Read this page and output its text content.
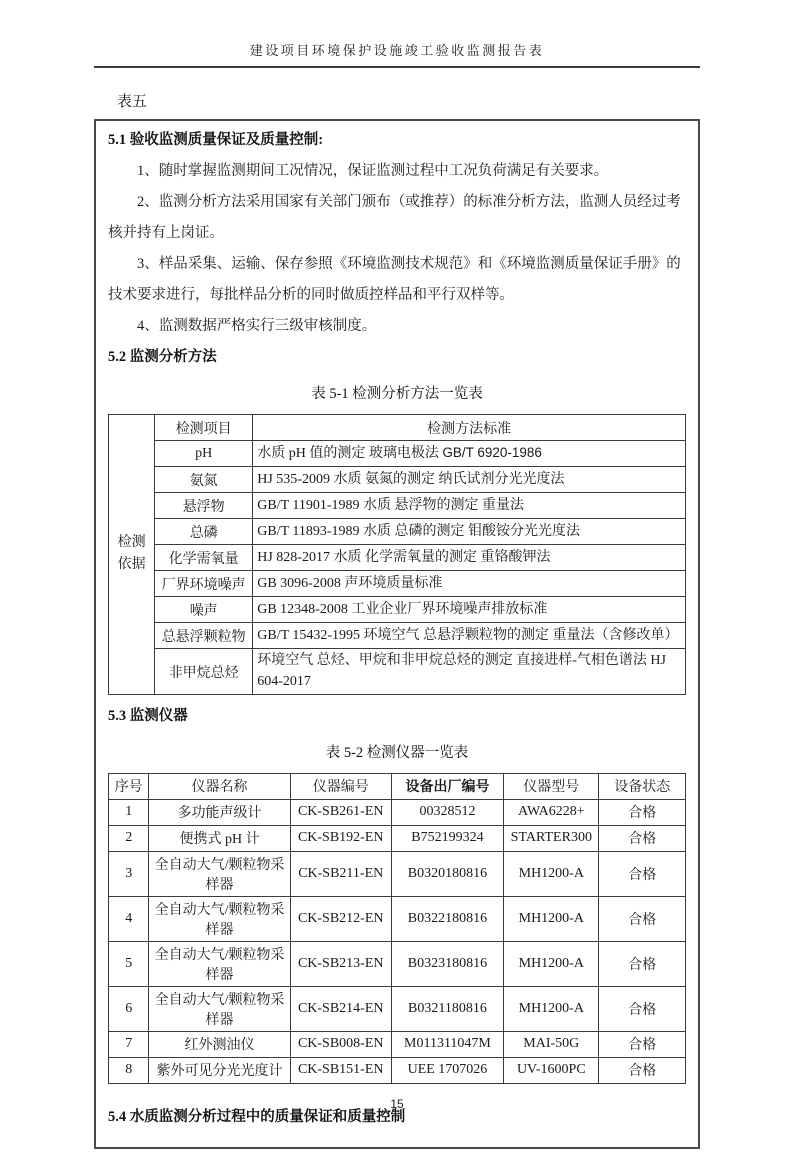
建设项目环境保护设施竣工验收监测报告表
表五

5.1 验收监测质量保证及质量控制:

1、随时掌握监测期间工况情况，保证监测过程中工况负荷满足有关要求。

2、监测分析方法采用国家有关部门颁布（或推荐）的标准分析方法，监测人员经过考核并持有上岗证。

3、样品采集、运输、保存参照《环境监测技术规范》和《环境监测质量保证手册》的技术要求进行，每批样品分析的同时做质控样品和平行双样等。

4、监测数据严格实行三级审核制度。

5.2 监测分析方法

表 5-1 检测分析方法一览表
检测依据	检测项目	检测方法标准
	pH	水质 pH 值的测定 玻璃电极法 GB/T 6920-1986
	氨氮	HJ 535-2009 水质 氨氮的测定 纳氏试剂分光光度法
	悬浮物	GB/T 11901-1989 水质 悬浮物的测定 重量法
	总磷	GB/T 11893-1989 水质 总磷的测定 钼酸铵分光光度法
	化学需氧量	HJ 828-2017 水质 化学需氧量的测定 重铬酸钾法
	厂界环境噪声	GB 3096-2008 声环境质量标准
	噪声	GB 12348-2008 工业企业厂界环境噪声排放标准
	总悬浮颗粒物	GB/T 15432-1995 环境空气 总悬浮颗粒物的测定 重量法（含修改单）
	非甲烷总烃	环境空气 总烃、甲烷和非甲烷总烃的测定 直接进样-气相色谱法 HJ 604-2017

5.3 监测仪器

表 5-2 检测仪器一览表
序号	仪器名称	仪器编号	设备出厂编号	仪器型号	设备状态
1	多功能声级计	CK-SB261-EN	00328512	AWA6228+	合格
2	便携式 pH 计	CK-SB192-EN	B752199324	STARTER300	合格
3	全自动大气/颗粒物采样器	CK-SB211-EN	B0320180816	MH1200-A	合格
4	全自动大气/颗粒物采样器	CK-SB212-EN	B0322180816	MH1200-A	合格
5	全自动大气/颗粒物采样器	CK-SB213-EN	B0323180816	MH1200-A	合格
6	全自动大气/颗粒物采样器	CK-SB214-EN	B0321180816	MH1200-A	合格
7	红外测油仪	CK-SB008-EN	M011311047M	MAI-50G	合格
8	紫外可见分光光度计	CK-SB151-EN	UEE 1707026	UV-1600PC	合格

5.4 水质监测分析过程中的质量保证和质量控制

15
